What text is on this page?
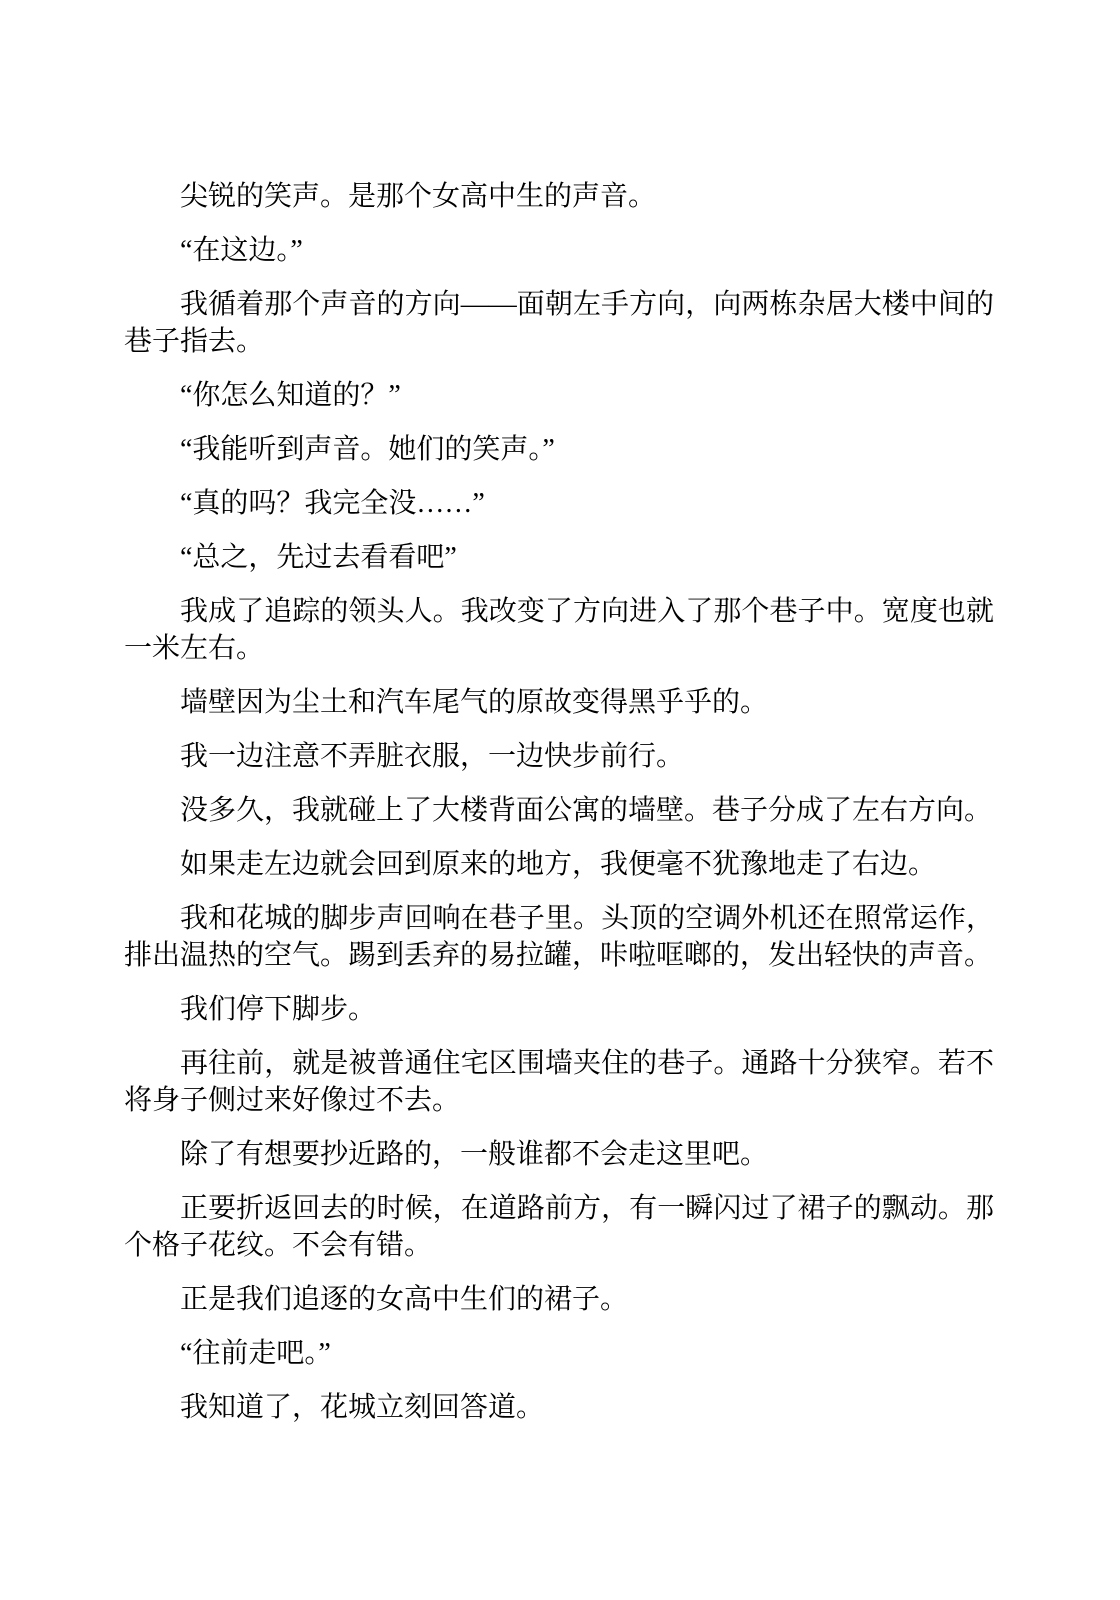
尖锐的笑声。是那个女高中生的声音。

“在这边。”

我循着那个声音的方向——面朝左手方向，向两栋杂居大楼中间的巷子指去。

“你怎么知道的？”

“我能听到声音。她们的笑声。”

“真的吗？我完全没……”

“总之，先过去看看吧”

我成了追踪的领头人。我改变了方向进入了那个巷子中。宽度也就一米左右。

墙壁因为尘土和汽车尾气的原故变得黑乎乎的。

我一边注意不弄脏衣服，一边快步前行。

没多久，我就碰上了大楼背面公寓的墙壁。巷子分成了左右方向。

如果走左边就会回到原来的地方，我便毫不犹豫地走了右边。

我和花城的脚步声回响在巷子里。头顶的空调外机还在照常运作，排出温热的空气。踢到丢弃的易拉罐，咔啦哐啷的，发出轻快的声音。

我们停下脚步。

再往前，就是被普通住宅区围墙夹住的巷子。通路十分狭窄。若不将身子侧过来好像过不去。

除了有想要抄近路的，一般谁都不会走这里吧。

正要折返回去的时候，在道路前方，有一瞬闪过了裙子的飘动。那个格子花纹。不会有错。

正是我们追逐的女高中生们的裙子。

“往前走吧。”

我知道了，花城立刻回答道。
